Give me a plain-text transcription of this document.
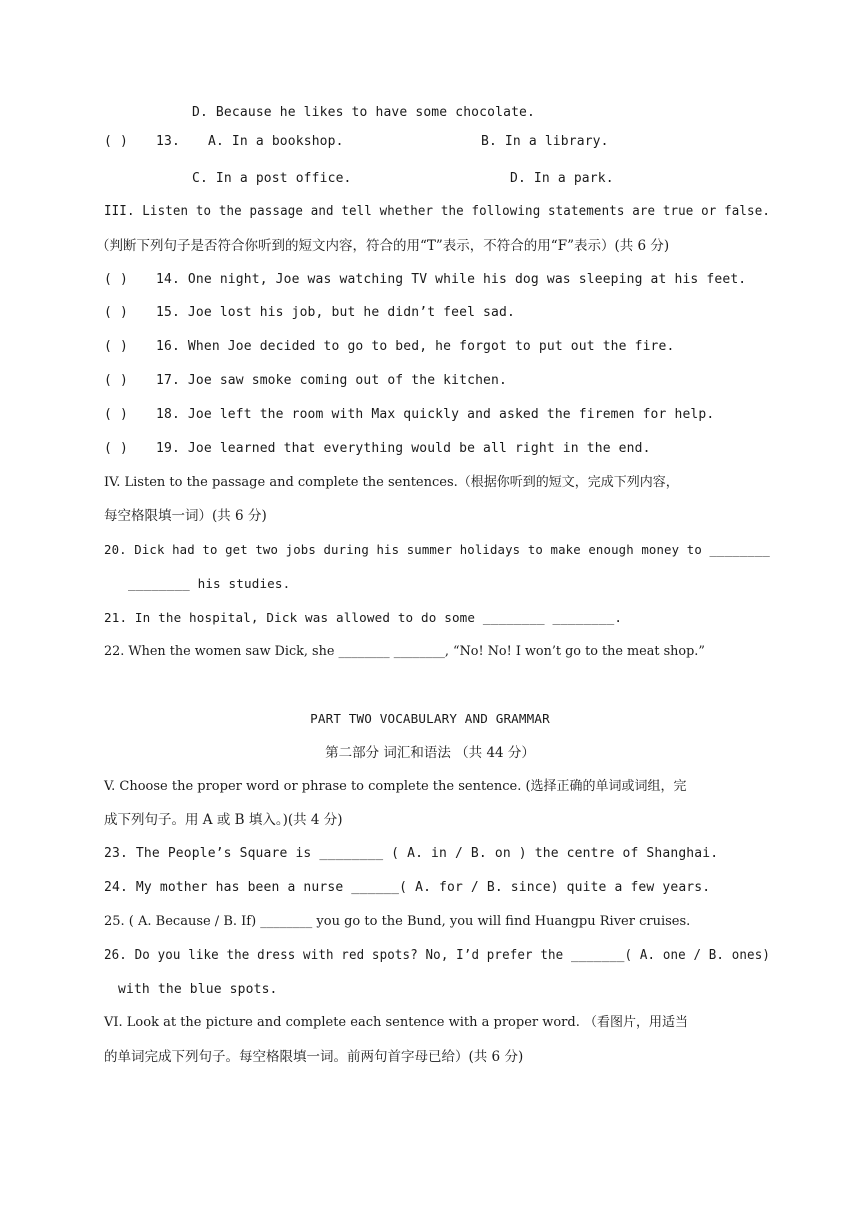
D. Because he likes to have some chocolate.
( ) 13. A. In a bookshop.	B. In a library.
C. In a post office.	D. In a park.
III. Listen to the passage and tell whether the following statements are true or false.
（判断下列句子是否符合你听到的短文内容，符合的用“T”表示，不符合的用“F”表示）(共 6 分)
( ) 14. One night, Joe was watching TV while his dog was sleeping at his feet.
( ) 15. Joe lost his job, but he didn’t feel sad.
( ) 16. When Joe decided to go to bed, he forgot to put out the fire.
( ) 17. Joe saw smoke coming out of the kitchen.
( ) 18. Joe left the room with Max quickly and asked the firemen for help.
( ) 19. Joe learned that everything would be all right in the end.
IV. Listen to the passage and complete the sentences.（根据你听到的短文，完成下列内容，
每空格限填一词）(共 6 分)
20. Dick had to get two jobs during his summer holidays to make enough money to ________
________ his studies.
21. In the hospital, Dick was allowed to do some ________ ________.
22. When the women saw Dick, she ________ ________, “No! No! I won’t go to the meat shop.”
PART TWO VOCABULARY AND GRAMMAR
第二部分 词汇和语法 （共 44 分）
V. Choose the proper word or phrase to complete the sentence. (选择正确的单词或词组，完
成下列句子。用 A 或 B 填入。)(共 4 分)
23. The People’s Square is ________ ( A. in / B. on ) the centre of Shanghai.
24. My mother has been a nurse ______( A. for / B. since) quite a few years.
25. ( A. Because / B. If) ________ you go to the Bund, you will find Huangpu River cruises.
26. Do you like the dress with red spots? No, I’d prefer the _______( A. one / B. ones)
with the blue spots.
VI. Look at the picture and complete each sentence with a proper word. （看图片，用适当
的单词完成下列句子。每空格限填一词。前两句首字母已给）(共 6 分)
